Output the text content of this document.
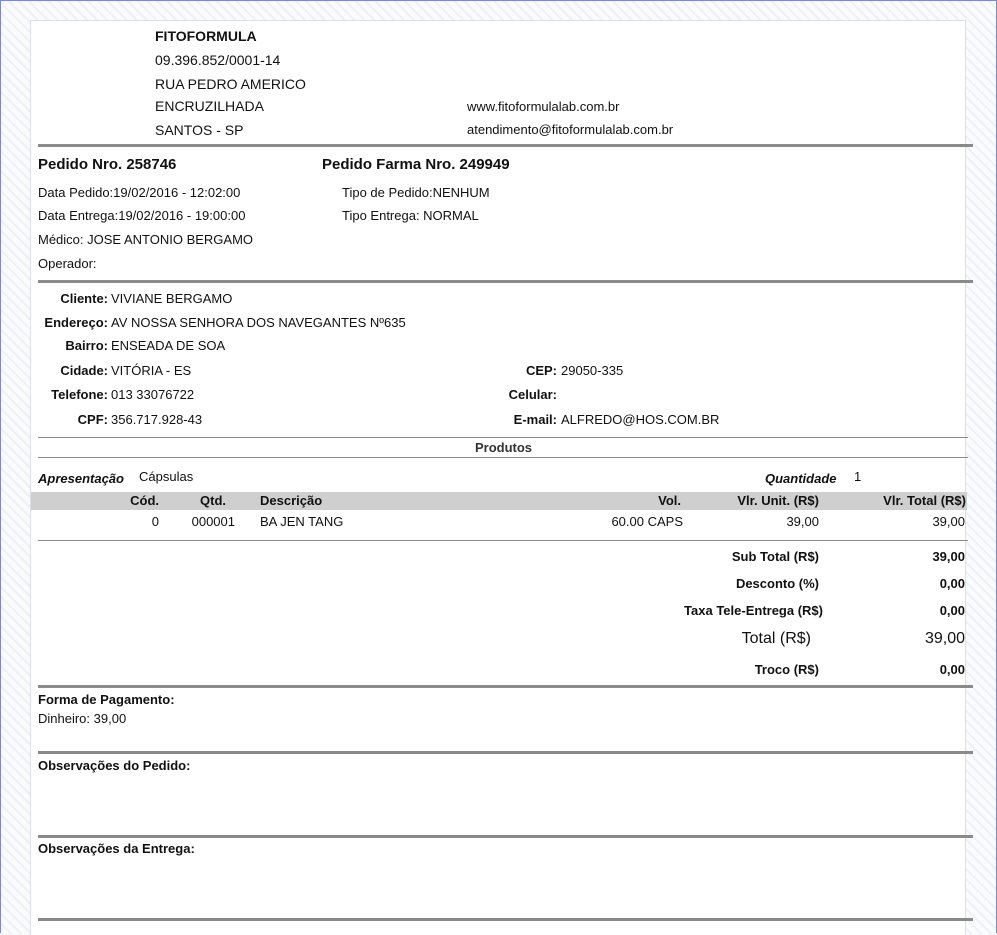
FITOFORMULA
09.396.852/0001-14
RUA PEDRO AMERICO
ENCRUZILHADA
SANTOS - SP
www.fitoformulalab.com.br
atendimento@fitoformulalab.com.br
Pedido Nro. 258746	Pedido Farma Nro. 249949
Data Pedido:19/02/2016 - 12:02:00
Data Entrega:19/02/2016 - 19:00:00
Médico: JOSE ANTONIO BERGAMO
Operador:
Tipo de Pedido:NENHUM
Tipo Entrega: NORMAL
Cliente: VIVIANE BERGAMO
Endereço: AV NOSSA SENHORA DOS NAVEGANTES Nº635
Bairro: ENSEADA DE SOA
Cidade: VITÓRIA - ES
Telefone: 013 33076722
CPF: 356.717.928-43
CEP: 29050-335
Celular:
E-mail: ALFREDO@HOS.COM.BR
Produtos
Apresentação Cápsulas	Quantidade 1
Cód.	Qtd.	Descrição	Vol.	Vlr. Unit. (R$)	Vlr. Total (R$)
0	000001 BA JEN TANG	60.00 CAPS	39,00	39,00
Sub Total (R$)	39,00
Desconto (%)	0,00
Taxa Tele-Entrega (R$)	0,00
Total (R$)	39,00
Troco (R$)	0,00
Forma de Pagamento:
Dinheiro: 39,00
Observações do Pedido:
Observações da Entrega:
